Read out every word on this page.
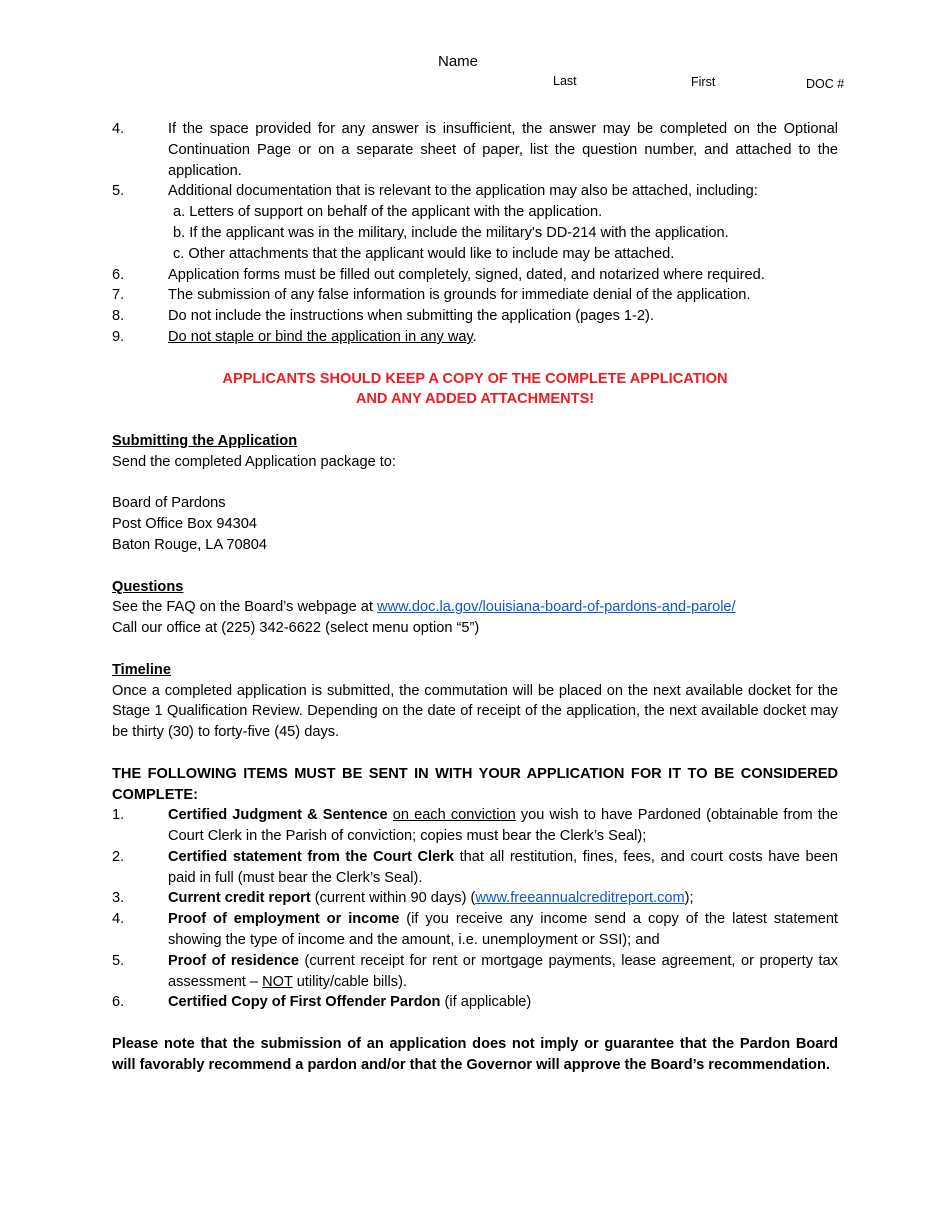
Name
Last	First	DOC #
4.	If the space provided for any answer is insufficient, the answer may be completed on the Optional Continuation Page or on a separate sheet of paper, list the question number, and attached to the application.
5.	Additional documentation that is relevant to the application may also be attached, including:
a. Letters of support on behalf of the applicant with the application.
b. If the applicant was in the military, include the military's DD-214 with the application.
c. Other attachments that the applicant would like to include may be attached.
6.	Application forms must be filled out completely, signed, dated, and notarized where required.
7.	The submission of any false information is grounds for immediate denial of the application.
8.	Do not include the instructions when submitting the application (pages 1-2).
9.	Do not staple or bind the application in any way.
APPLICANTS SHOULD KEEP A COPY OF THE COMPLETE APPLICATION
AND ANY ADDED ATTACHMENTS!
Submitting the Application
Send the completed Application package to:
Board of Pardons
Post Office Box 94304
Baton Rouge, LA 70804
Questions
See the FAQ on the Board’s webpage at www.doc.la.gov/louisiana-board-of-pardons-and-parole/
Call our office at (225) 342-6622 (select menu option “5”)
Timeline
Once a completed application is submitted, the commutation will be placed on the next available docket for the Stage 1 Qualification Review. Depending on the date of receipt of the application, the next available docket may be thirty (30) to forty-five (45) days.
THE FOLLOWING ITEMS MUST BE SENT IN WITH YOUR APPLICATION FOR IT TO BE CONSIDERED COMPLETE:
1.	Certified Judgment & Sentence on each conviction you wish to have Pardoned (obtainable from the Court Clerk in the Parish of conviction; copies must bear the Clerk’s Seal);
2.	Certified statement from the Court Clerk that all restitution, fines, fees, and court costs have been paid in full (must bear the Clerk’s Seal).
3.	Current credit report (current within 90 days) (www.freeannualcreditreport.com);
4.	Proof of employment or income (if you receive any income send a copy of the latest statement showing the type of income and the amount, i.e. unemployment or SSI); and
5.	Proof of residence (current receipt for rent or mortgage payments, lease agreement, or property tax assessment – NOT utility/cable bills).
6.	Certified Copy of First Offender Pardon (if applicable)
Please note that the submission of an application does not imply or guarantee that the Pardon Board will favorably recommend a pardon and/or that the Governor will approve the Board’s recommendation.
